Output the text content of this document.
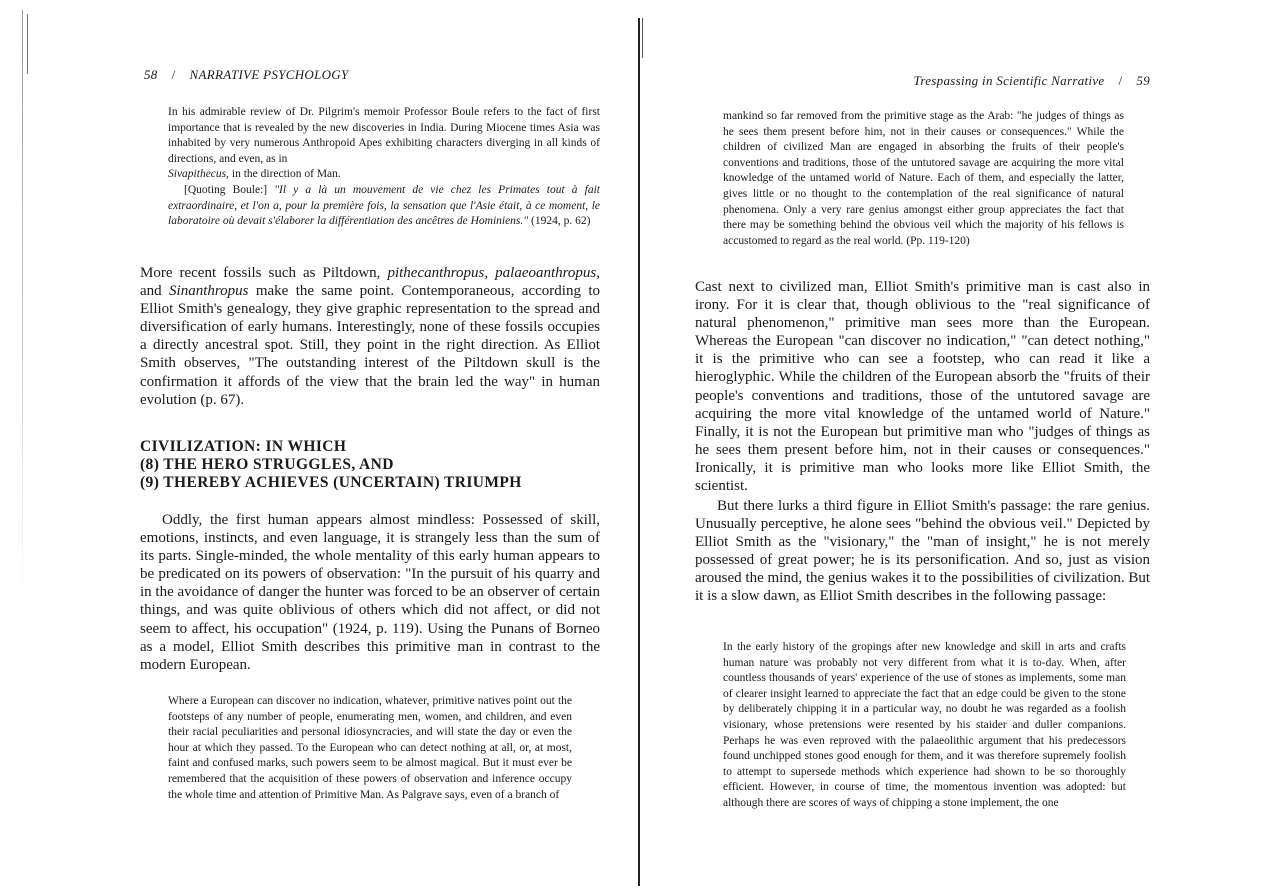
58 / NARRATIVE PSYCHOLOGY

In his admirable review of Dr. Pilgrim's memoir Professor Boule refers to the fact of first importance that is revealed by the new discoveries in India. During Miocene times Asia was inhabited by very numerous Anthropoid Apes exhibiting characters diverging in all kinds of directions, and even, as in
Sivapithecus, in the direction of Man.

[Quoting Boule:] "Il y a là un mouvement de vie chez les Primates tout à fait extraordinaire, et l'on a, pour la première fois, la sensation que l'Asie était, à ce moment, le laboratoire où devait s'élaborer la différentiation des ancêtres de Hominiens." (1924, p. 62)

More recent fossils such as Piltdown, pithecanthropus, palaeoanthropus, and Sinanthropus make the same point. Contemporaneous, according to Elliot Smith's genealogy, they give graphic representation to the spread and diversification of early humans. Interestingly, none of these fossils occupies a directly ancestral spot. Still, they point in the right direction. As Elliot Smith observes, "The outstanding interest of the Piltdown skull is the confirmation it affords of the view that the brain led the way" in human evolution (p. 67).

CIVILIZATION: IN WHICH
(8) THE HERO STRUGGLES, AND
(9) THEREBY ACHIEVES (UNCERTAIN) TRIUMPH

Oddly, the first human appears almost mindless: Possessed of skill, emotions, instincts, and even language, it is strangely less than the sum of its parts. Single-minded, the whole mentality of this early human appears to be predicated on its powers of observation: "In the pursuit of his quarry and in the avoidance of danger the hunter was forced to be an observer of certain things, and was quite oblivious of others which did not affect, or did not seem to affect, his occupation" (1924, p. 119). Using the Punans of Borneo as a model, Elliot Smith describes this primitive man in contrast to the modern European.

Where a European can discover no indication, whatever, primitive natives point out the footsteps of any number of people, enumerating men, women, and children, and even their racial peculiarities and personal idiosyncracies, and will state the day or even the hour at which they passed. To the European who can detect nothing at all, or, at most, faint and confused marks, such powers seem to be almost magical. But it must ever be remembered that the acquisition of these powers of observation and inference occupy the whole time and attention of Primitive Man. As Palgrave says, even of a branch of

Trespassing in Scientific Narrative / 59

mankind so far removed from the primitive stage as the Arab: "he judges of things as he sees them present before him, not in their causes or consequences." While the children of civilized Man are engaged in absorbing the fruits of their people's conventions and traditions, those of the untutored savage are acquiring the more vital knowledge of the untamed world of Nature. Each of them, and especially the latter, gives little or no thought to the contemplation of the real significance of natural phenomena. Only a very rare genius amongst either group appreciates the fact that there may be something behind the obvious veil which the majority of his fellows is accustomed to regard as the real world. (Pp. 119-120)

Cast next to civilized man, Elliot Smith's primitive man is cast also in irony. For it is clear that, though oblivious to the "real significance of natural phenomenon," primitive man sees more than the European. Whereas the European "can discover no indication," "can detect nothing," it is the primitive who can see a footstep, who can read it like a hieroglyphic. While the children of the European absorb the "fruits of their people's conventions and traditions, those of the untutored savage are acquiring the more vital knowledge of the untamed world of Nature." Finally, it is not the European but primitive man who "judges of things as he sees them present before him, not in their causes or consequences." Ironically, it is primitive man who looks more like Elliot Smith, the scientist.

But there lurks a third figure in Elliot Smith's passage: the rare genius. Unusually perceptive, he alone sees "behind the obvious veil." Depicted by Elliot Smith as the "visionary," the "man of insight," he is not merely possessed of great power; he is its personification. And so, just as vision aroused the mind, the genius wakes it to the possibilities of civilization. But it is a slow dawn, as Elliot Smith describes in the following passage:

In the early history of the gropings after new knowledge and skill in arts and crafts human nature was probably not very different from what it is to-day. When, after countless thousands of years' experience of the use of stones as implements, some man of clearer insight learned to appreciate the fact that an edge could be given to the stone by deliberately chipping it in a particular way, no doubt he was regarded as a foolish visionary, whose pretensions were resented by his staider and duller companions. Perhaps he was even reproved with the palaeolithic argument that his predecessors found unchipped stones good enough for them, and it was therefore supremely foolish to attempt to supersede methods which experience had shown to be so thoroughly efficient. However, in course of time, the momentous invention was adopted: but although there are scores of ways of chipping a stone implement, the one
